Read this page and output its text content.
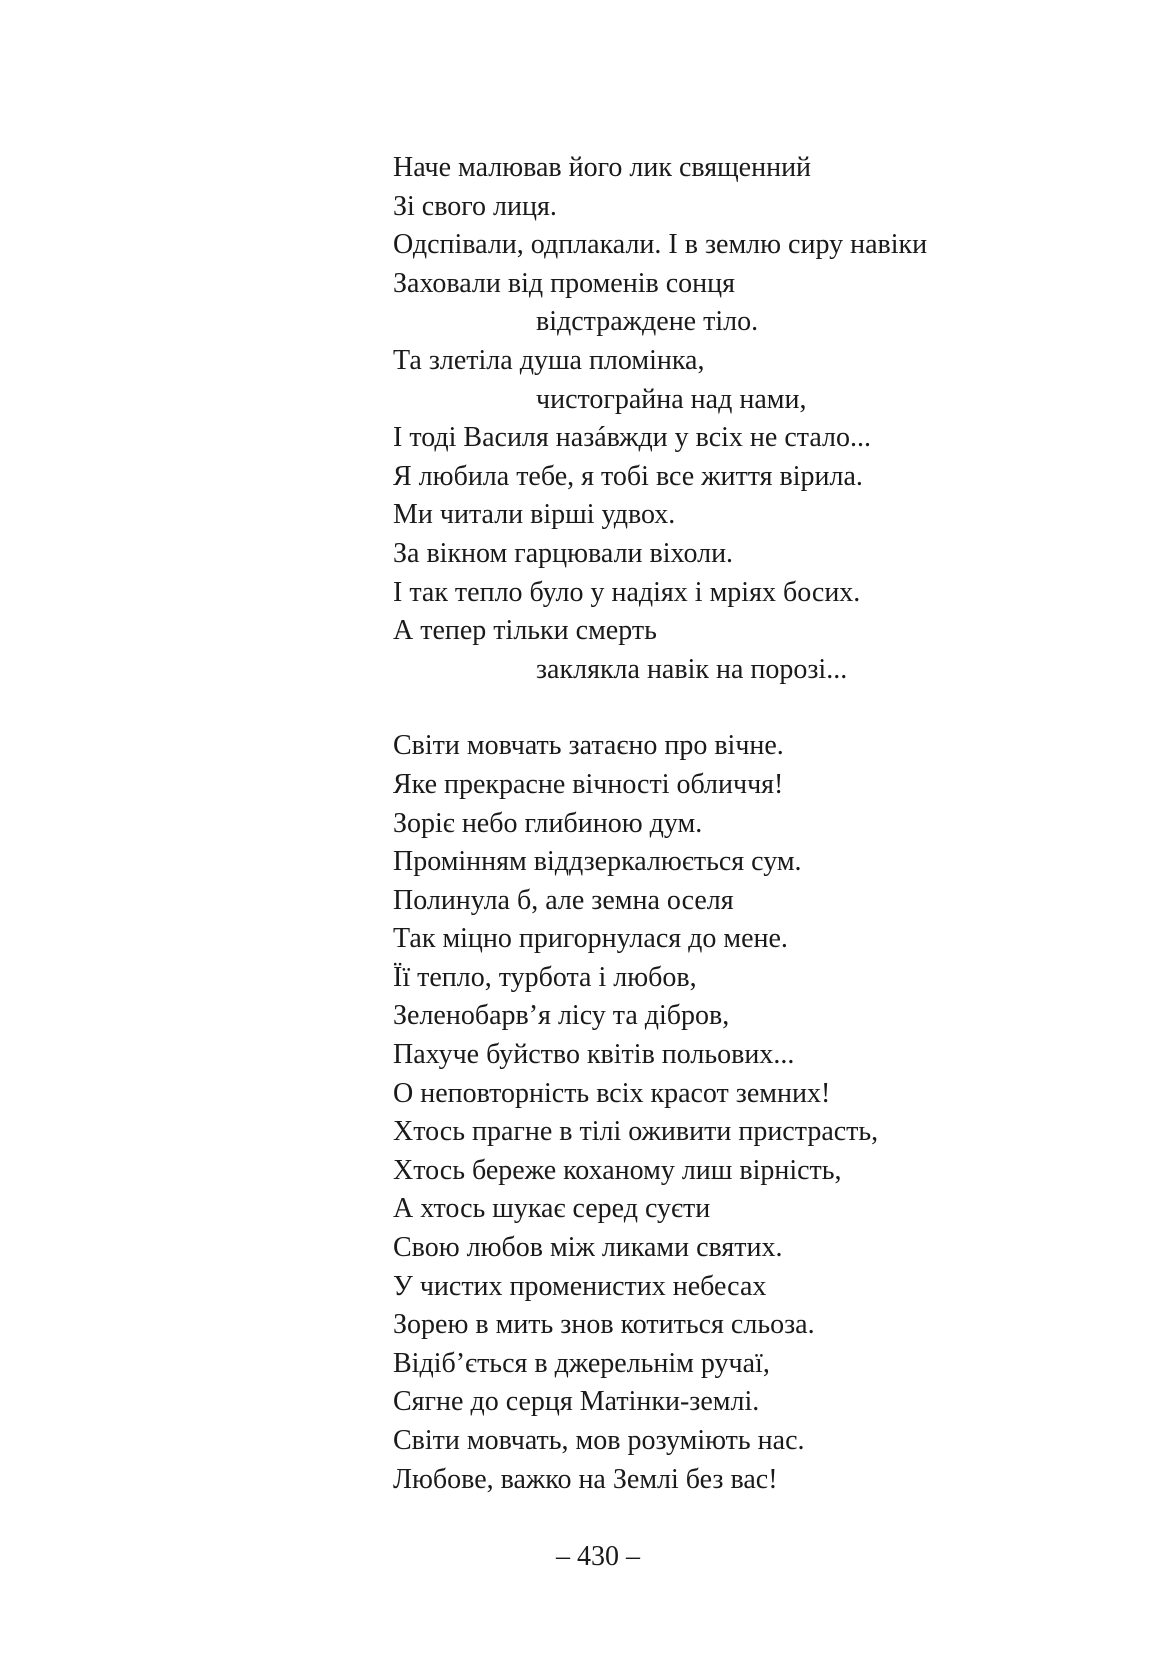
Наче малював його лик священний
Зі свого лиця.
Одспівали, одплакали. І в землю сиру навіки
Заховали від променів сонця
відстраждене тіло.
Та злетіла душа пломінка,
чистограйна над нами,
І тоді Василя назáвжди у всіх не стало...
Я любила тебе, я тобі все життя вірила.
Ми читали вірші удвох.
За вікном гарцювали віхоли.
І так тепло було у надіях і мріях босих.
А тепер тільки смерть
заклякла навік на порозі...
Світи мовчать затаєно про вічне.
Яке прекрасне вічності обличчя!
Зоріє небо глибиною дум.
Промінням віддзеркалюється сум.
Полинула б, але земна оселя
Так міцно пригорнулася до мене.
Її тепло, турбота і любов,
Зеленобарв’я лісу та дібров,
Пахуче буйство квітів польових...
О неповторність всіх красот земних!
Хтось прагне в тілі оживити пристрасть,
Хтось береже коханому лиш вірність,
А хтось шукає серед суєти
Свою любов між ликами святих.
У чистих променистих небесах
Зорею в мить знов котиться сльоза.
Відіб’ється в джерельнім ручаї,
Сягне до серця Матінки-землі.
Світи мовчать, мов розуміють нас.
Любове, важко на Землі без вас!
– 430 –
